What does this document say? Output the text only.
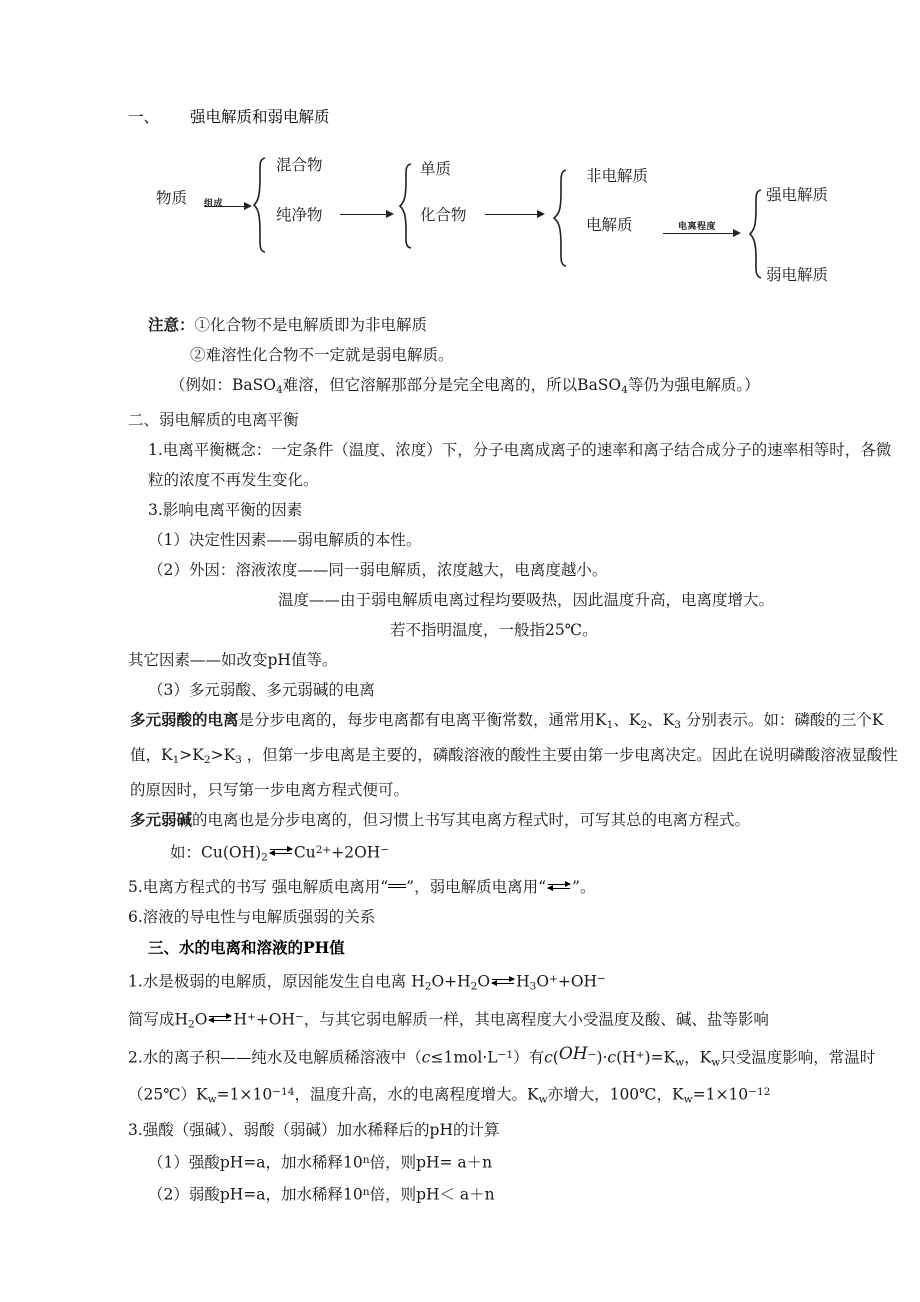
一、 强电解质和弱电解质
物质 组成
混合物
纯净物
单质
化合物
非电解质
电解质	电离程度
强电解质
弱电解质
注意：①化合物不是电解质即为非电解质
②难溶性化合物不一定就是弱电解质。
（例如：BaSO$_4$难溶，但它溶解那部分是完全电离的，所以BaSO$_4$等仍为强电解质。）
二、弱电解质的电离平衡
1.电离平衡概念：一定条件（温度、浓度）下，分子电离成离子的速率和离子结合成分子的速率相等时，各微粒的浓度不再发生变化。
3.影响电离平衡的因素
（1）决定性因素——弱电解质的本性。
（2）外因：溶液浓度——同一弱电解质，浓度越大，电离度越小。
温度——由于弱电解质电离过程均要吸热，因此温度升高，电离度增大。
若不指明温度，一般指25℃。
其它因素——如改变pH值等。
（3）多元弱酸、多元弱碱的电离
多元弱酸的电离是分步电离的，每步电离都有电离平衡常数，通常用$K_1$、$K_2$、$K_3$ 分别表示。如：磷酸的三个K值，$K_1>K_2>K_3$ ，但第一步电离是主要的，磷酸溶液的酸性主要由第一步电离决定。因此在说明磷酸溶液显酸性的原因时，只写第一步电离方程式便可。
多元弱碱的电离也是分步电离的，但习惯上书写其电离方程式时，可写其总的电离方程式。
如：$Cu(OH)_2$ $Cu^{2+}+2OH^-$
5.电离方程式的书写 强电解质电离用“ ”，弱电解质电离用“ ”。
6.溶液的导电性与电解质强弱的关系
三、水的电离和溶液的PH值
1.水是极弱的电解质，原因能发生自电离 $H_2O+H_2O$ $H_3O^++OH^-$
简写成$H_2O$ H++OH−，与其它弱电解质一样，其电离程度大小受温度及酸、碱、盐等影响
2.水的离子积——纯水及电解质稀溶液中$(c\le 1mol\cdot L^{-1})$有$c(OH^-)\cdot c(H^+)=K_w$，$K_w$只受温度影响，常温时$(25℃)K_w=1\times 10^{-14}$，温度升高，水的电离程度增大。$K_w$亦增大，100℃，$K_w=1\times 10^{-12}$
3.强酸（强碱）、弱酸（弱碱）加水稀释后的pH的计算
（1）强酸pH=a，加水稀释10$^n$倍，则pH= a＋n
（2）弱酸pH=a，加水稀释10$^n$倍，则pH＜ a＋n
